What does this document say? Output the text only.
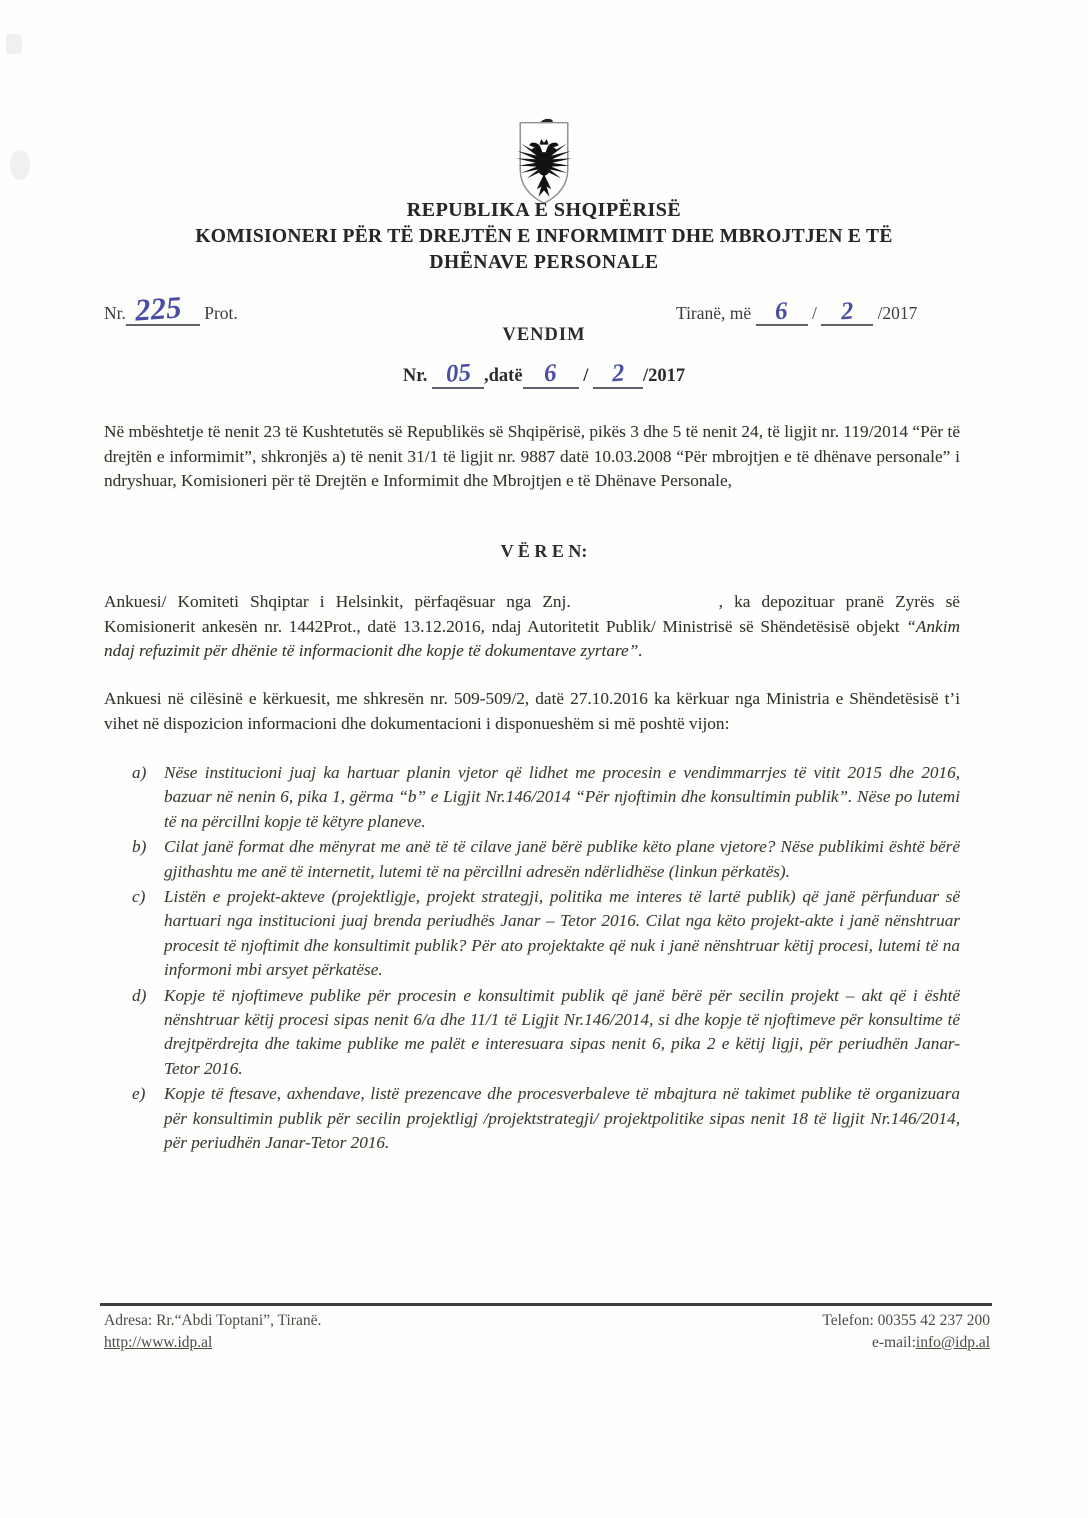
REPUBLIKA E SHQIPËRISË
KOMISIONERI PËR TË DREJTËN E INFORMIMIT DHE MBROJTJEN E TË
DHËNAVE PERSONALE
Nr. 225 Prot.	Tiranë, më 6 / 2 /2017
VENDIM
Nr. 05 ,datë 6 / 2 /2017
Në mbështetje të nenit 23 të Kushtetutës së Republikës së Shqipërisë, pikës 3 dhe 5 të nenit 24, të ligjit nr. 119/2014 “Për të drejtën e informimit”, shkronjës a) të nenit 31/1 të ligjit nr. 9887 datë 10.03.2008 “Për mbrojtjen e të dhënave personale” i ndryshuar, Komisioneri për të Drejtën e Informimit dhe Mbrojtjen e të Dhënave Personale,
V Ë R E N:
Ankuesi/ Komiteti Shqiptar i Helsinkit, përfaqësuar nga Znj.	, ka depozituar pranë Zyrës së Komisionerit ankesën nr. 1442Prot., datë 13.12.2016, ndaj Autoritetit Publik/ Ministrisë së Shëndetësisë objekt “Ankim ndaj refuzimit për dhënie të informacionit dhe kopje të dokumentave zyrtare”.
Ankuesi në cilësinë e kërkuesit, me shkresën nr. 509-509/2, datë 27.10.2016 ka kërkuar nga Ministria e Shëndetësisë t’i vihet në dispozicion informacioni dhe dokumentacioni i disponueshëm si më poshtë vijon:
a)	Nëse institucioni juaj ka hartuar planin vjetor që lidhet me procesin e vendimmarrjes të vitit 2015 dhe 2016, bazuar në nenin 6, pika 1, gërma “b” e Ligjit Nr.146/2014 “Për njoftimin dhe konsultimin publik”. Nëse po lutemi të na përcillni kopje të këtyre planeve.
b)	Cilat janë format dhe mënyrat me anë të të cilave janë bërë publike këto plane vjetore? Nëse publikimi është bërë gjithashtu me anë të internetit, lutemi të na përcillni adresën ndërlidhëse (linkun përkatës).
c)	Listën e projekt-akteve (projektligje, projekt strategji, politika me interes të lartë publik) që janë përfunduar së hartuari nga institucioni juaj brenda periudhës Janar – Tetor 2016. Cilat nga këto projekt-akte i janë nënshtruar procesit të njoftimit dhe konsultimit publik? Për ato projektakte që nuk i janë nënshtruar këtij procesi, lutemi të na informoni mbi arsyet përkatëse.
d)	Kopje të njoftimeve publike për procesin e konsultimit publik që janë bërë për secilin projekt – akt që i është nënshtruar këtij procesi sipas nenit 6/a dhe 11/1 të Ligjit Nr.146/2014, si dhe kopje të njoftimeve për konsultime të drejtpërdrejta dhe takime publike me palët e interesuara sipas nenit 6, pika 2 e këtij ligji, për periudhën Janar-Tetor 2016.
e)	Kopje të ftesave, axhendave, listë prezencave dhe procesverbaleve të mbajtura në takimet publike të organizuara për konsultimin publik për secilin projektligj /projektstrategji/ projektpolitike sipas nenit 18 të ligjit Nr.146/2014, për periudhën Janar-Tetor 2016.
Adresa: Rr.“Abdi Toptani”, Tiranë.
http://www.idp.al
Telefon: 00355 42 237 200
e-mail:info@idp.al
